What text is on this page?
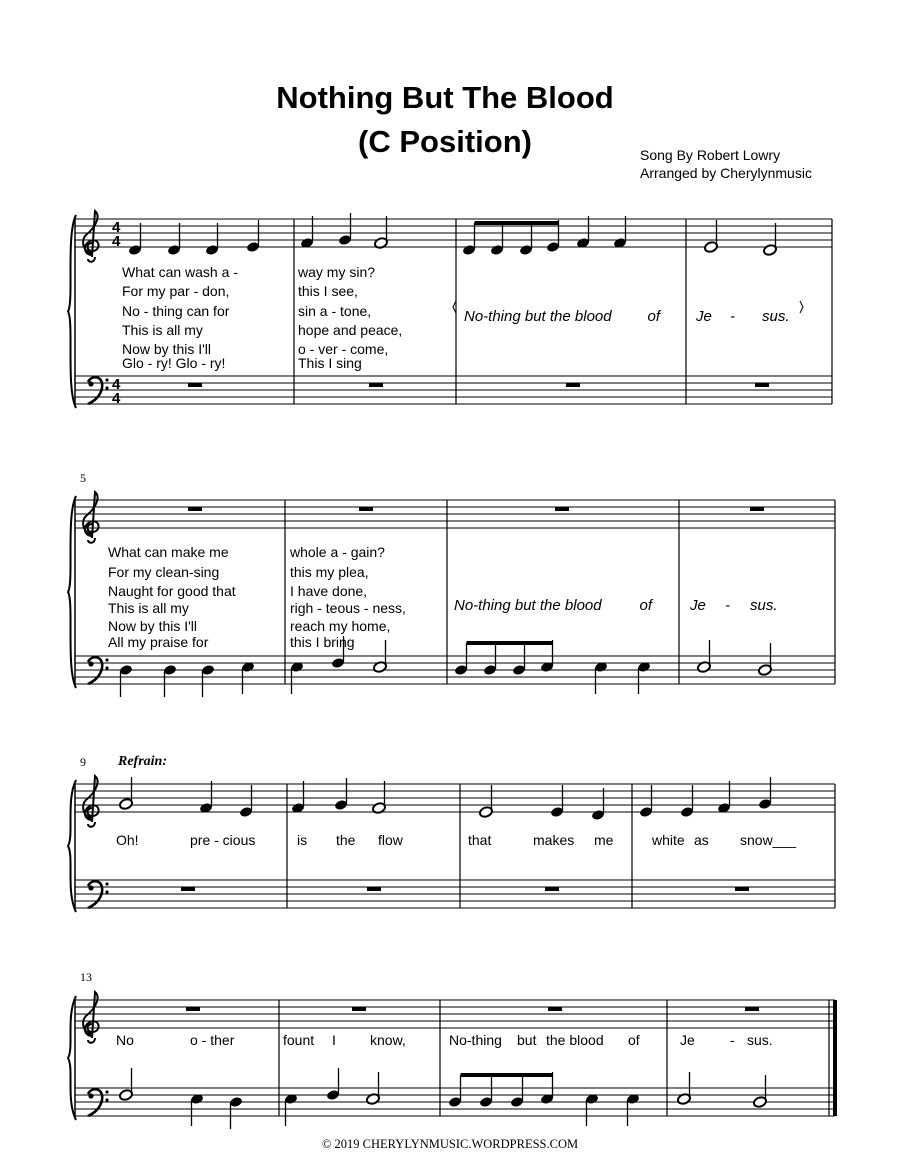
Nothing But The Blood
(C Position)	Song By Robert Lowry
Arranged by Cherylynmusic
4
4
4
4
What can wash a -
For my par - don,
No - thing can for
This is all my
Now by this I'll
Glo - ry! Glo - ry!
way my sin?
this I see,
sin a - tone,
hope and peace,
o - ver - come,
This I sing
No-thing but the blood of Je - sus.
5
What can make me
For my clean-sing
Naught for good that
This is all my
Now by this I'll
All my praise for
whole a - gain?
this my plea,
I have done,
righ - teous - ness,
reach my home,
this I bring
No-thing but the blood	of	Je - sus.
9 Refrain:
Oh!	pre - cious	is the flow	that	makes me	white as snow___
13
No	o - ther	fount I know,	No-thing but the blood of	Je	- sus.
© 2019 CHERYLYNMUSIC.WORDPRESS.COM
